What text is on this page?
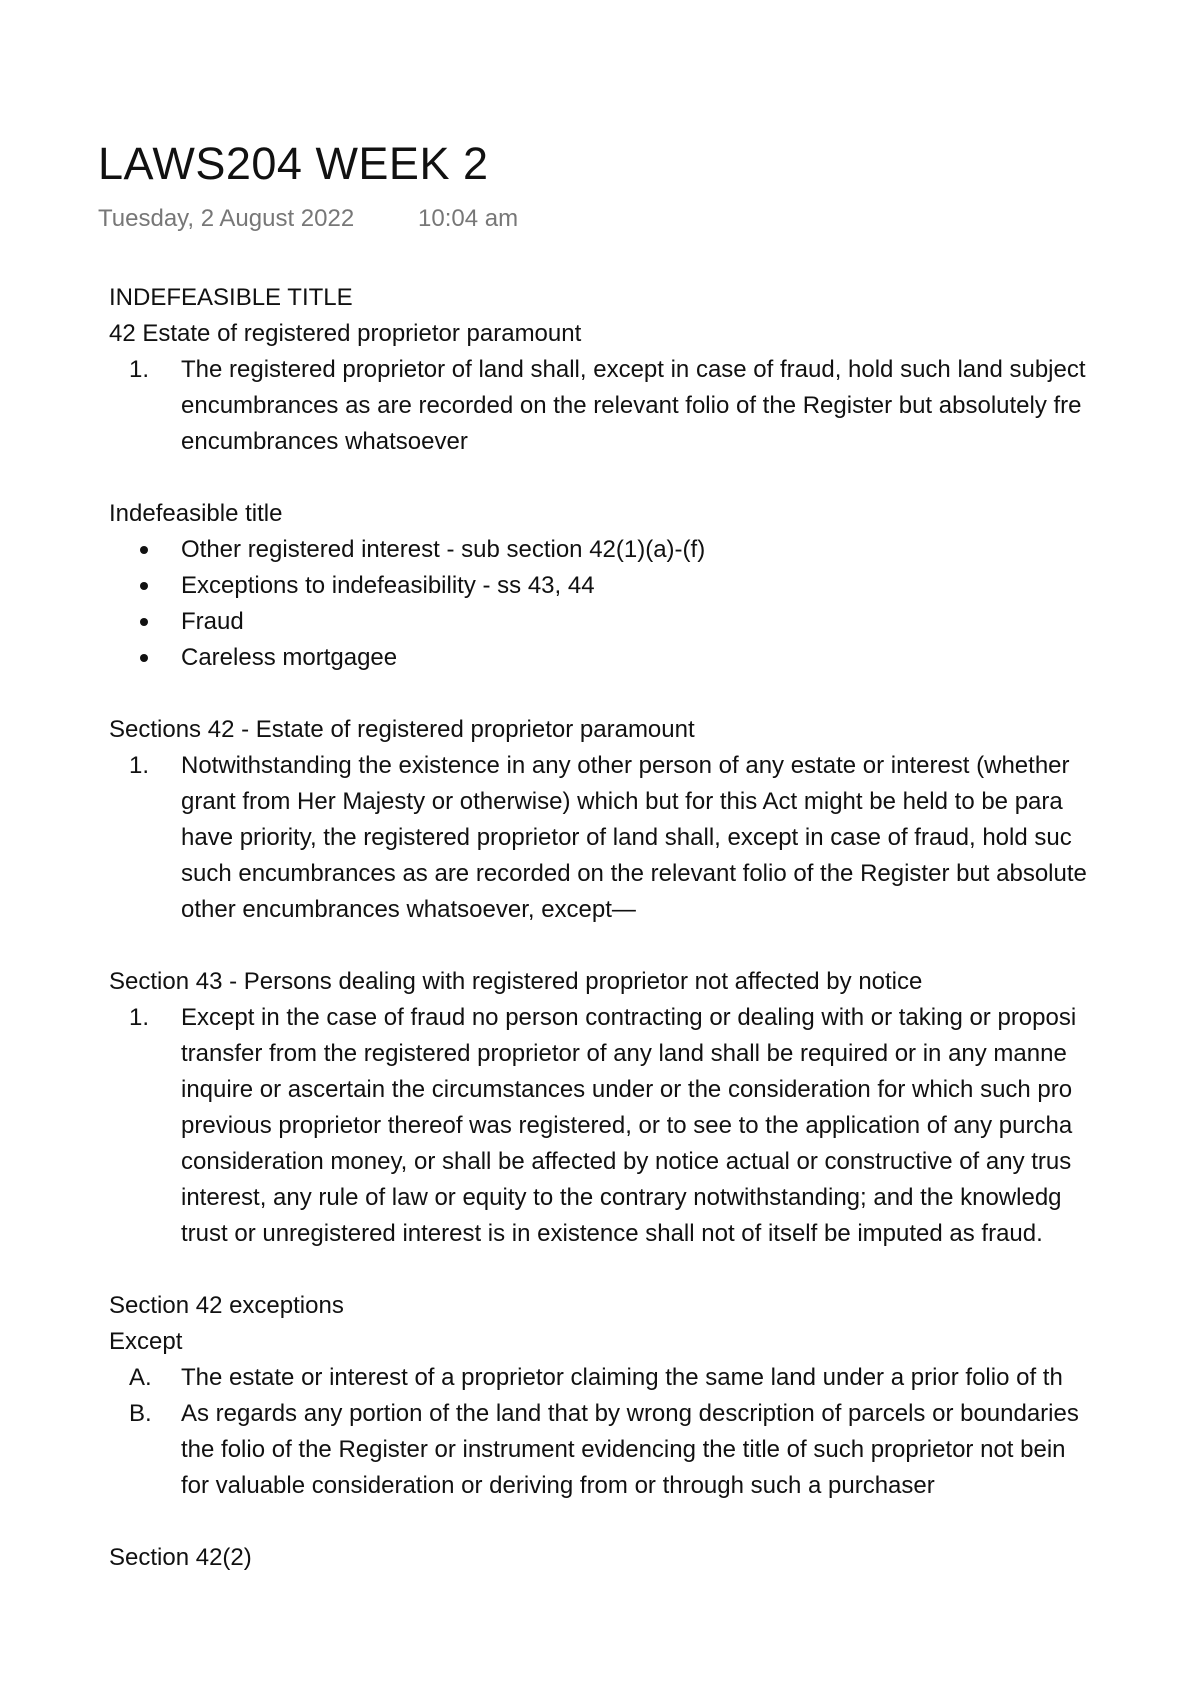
LAWS204 WEEK 2
Tuesday, 2 August 2022	10:04 am
INDEFEASIBLE TITLE
42 Estate of registered proprietor paramount
1.	The registered proprietor of land shall, except in case of fraud, hold such land subject
encumbrances as are recorded on the relevant folio of the Register but absolutely fre
encumbrances whatsoever
Indefeasible title
Other registered interest - sub section 42(1)(a)-(f)
Exceptions to indefeasibility - ss 43, 44
Fraud
Careless mortgagee
Sections 42 - Estate of registered proprietor paramount
1.	Notwithstanding the existence in any other person of any estate or interest (whether
grant from Her Majesty or otherwise) which but for this Act might be held to be para
have priority, the registered proprietor of land shall, except in case of fraud, hold suc
such encumbrances as are recorded on the relevant folio of the Register but absolute
other encumbrances whatsoever, except—
Section 43 - Persons dealing with registered proprietor not affected by notice
1.	Except in the case of fraud no person contracting or dealing with or taking or proposi
transfer from the registered proprietor of any land shall be required or in any manne
inquire or ascertain the circumstances under or the consideration for which such pro
previous proprietor thereof was registered, or to see to the application of any purcha
consideration money, or shall be affected by notice actual or constructive of any trus
interest, any rule of law or equity to the contrary notwithstanding; and the knowledg
trust or unregistered interest is in existence shall not of itself be imputed as fraud.
Section 42 exceptions
Except
A.	The estate or interest of a proprietor claiming the same land under a prior folio of th
B.	As regards any portion of the land that by wrong description of parcels or boundaries
the folio of the Register or instrument evidencing the title of such proprietor not bein
for valuable consideration or deriving from or through such a purchaser
Section 42(2)
